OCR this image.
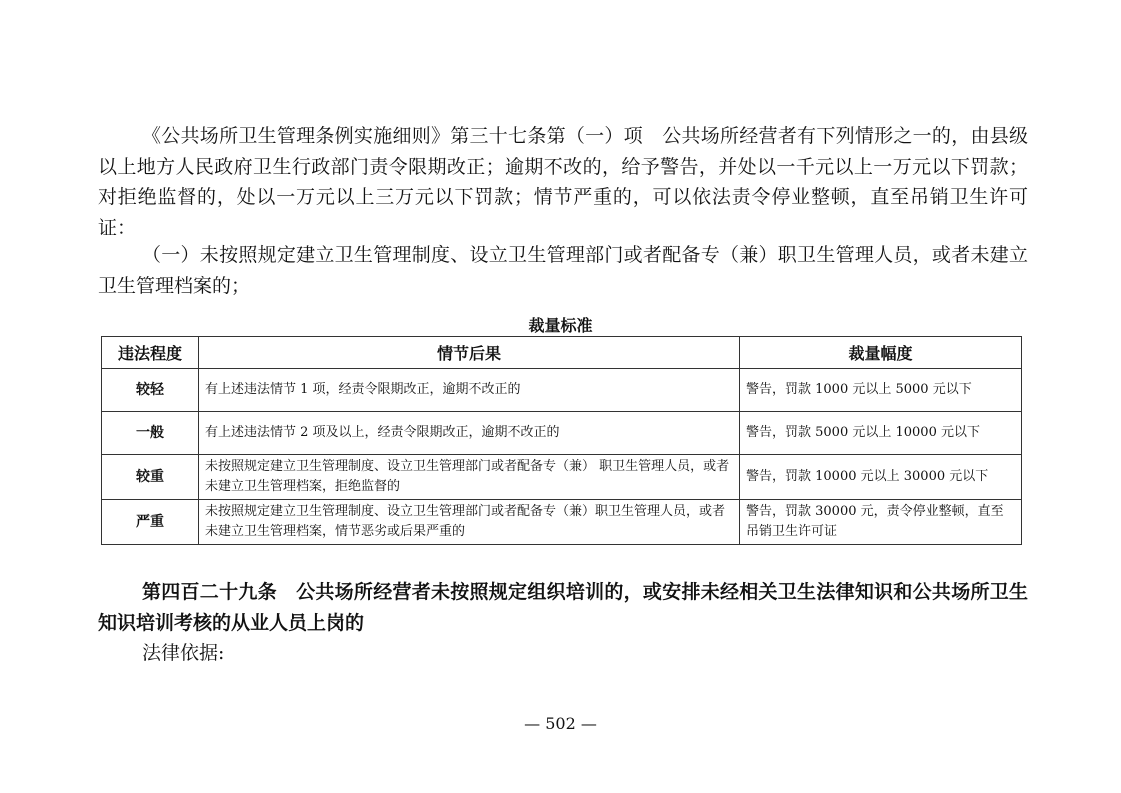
《公共场所卫生管理条例实施细则》第三十七条第（一）项　公共场所经营者有下列情形之一的，由县级以上地方人民政府卫生行政部门责令限期改正；逾期不改的，给予警告，并处以一千元以上一万元以下罚款；对拒绝监督的，处以一万元以上三万元以下罚款；情节严重的，可以依法责令停业整顿，直至吊销卫生许可证：

（一）未按照规定建立卫生管理制度、设立卫生管理部门或者配备专（兼）职卫生管理人员，或者未建立卫生管理档案的；

裁量标准

违法程度	情节后果	裁量幅度
较轻	有上述违法情节 1 项，经责令限期改正，逾期不改正的	警告，罚款 1000 元以上 5000 元以下
一般	有上述违法情节 2 项及以上，经责令限期改正，逾期不改正的	警告，罚款 5000 元以上 10000 元以下
较重	未按照规定建立卫生管理制度、设立卫生管理部门或者配备专（兼） 职卫生管理人员，或者未建立卫生管理档案，拒绝监督的	警告，罚款 10000 元以上 30000 元以下
严重	未按照规定建立卫生管理制度、设立卫生管理部门或者配备专（兼）职卫生管理人员，或者未建立卫生管理档案，情节恶劣或后果严重的	警告，罚款 30000 元，责令停业整顿，直至吊销卫生许可证

第四百二十九条　公共场所经营者未按照规定组织培训的，或安排未经相关卫生法律知识和公共场所卫生知识培训考核的从业人员上岗的

法律依据:

— 502 —
